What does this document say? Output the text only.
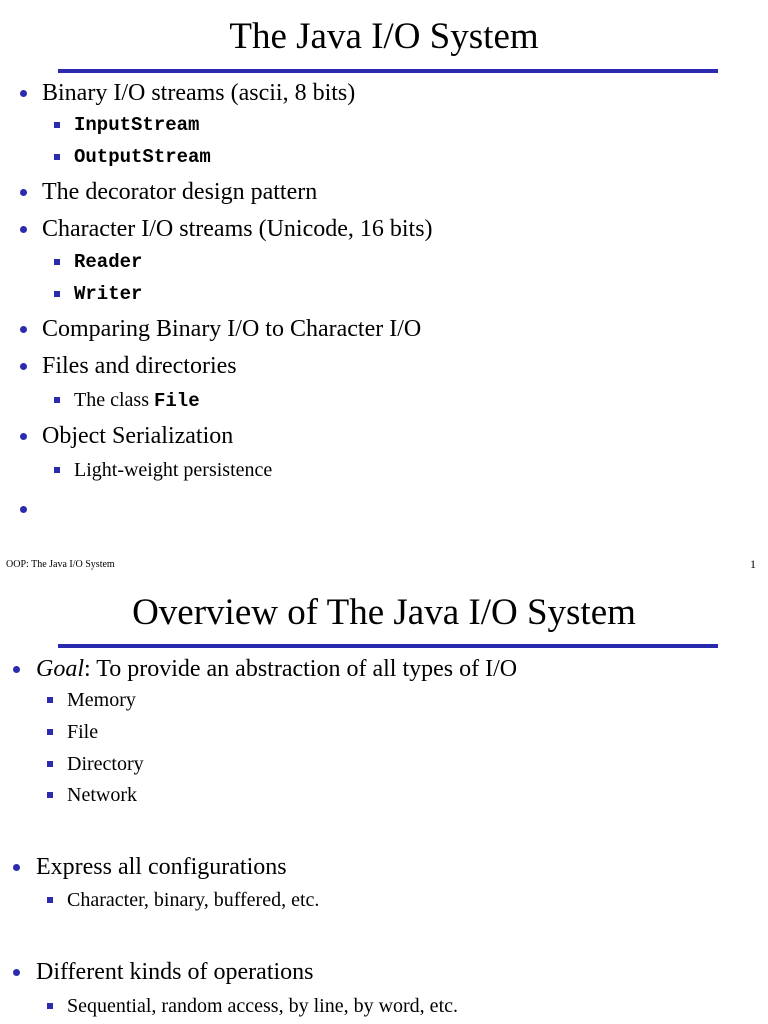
The Java I/O System
Binary I/O streams (ascii, 8 bits)
InputStream
OutputStream
The decorator design pattern
Character I/O streams (Unicode, 16 bits)
Reader
Writer
Comparing Binary I/O to Character I/O
Files and directories
The class File
Object Serialization
Light-weight persistence
OOP: The Java I/O System	1
Overview of The Java I/O System
Goal: To provide an abstraction of all types of I/O
Memory
File
Directory
Network
Express all configurations
Character, binary, buffered, etc.
Different kinds of operations
Sequential, random access, by line, by word, etc.
